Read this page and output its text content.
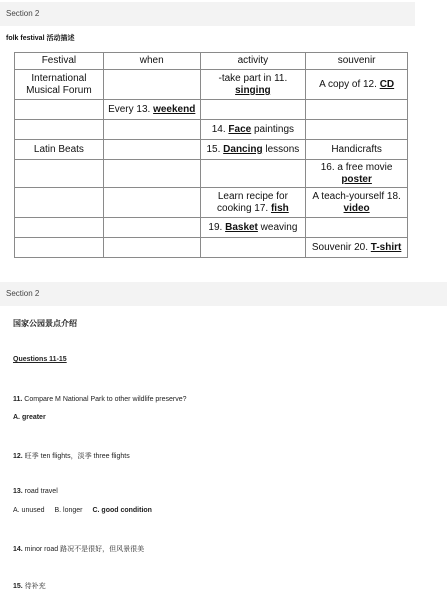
Section 2
folk festival 活动描述
Festival	when	activity	souvenir
International Musical Forum		-take part in 11. singing	A copy of 12. CD
	Every 13. weekend		
		14. Face paintings	
Latin Beats		15. Dancing lessons	Handicrafts
			16. a free movie poster
		Learn recipe for cooking 17. fish	A teach-yourself 18. video
		19. Basket weaving	
			Souvenir 20. T-shirt
Section 2
国家公园景点介绍
Questions 11-15
11. Compare M National Park to other wildlife preserve?
A. greater
12. 旺季 ten flights，淡季 three flights
13. road travel
A. unused B. longer C. good condition
14. minor road 路况不是很好，但风景很美
15. 待补充
